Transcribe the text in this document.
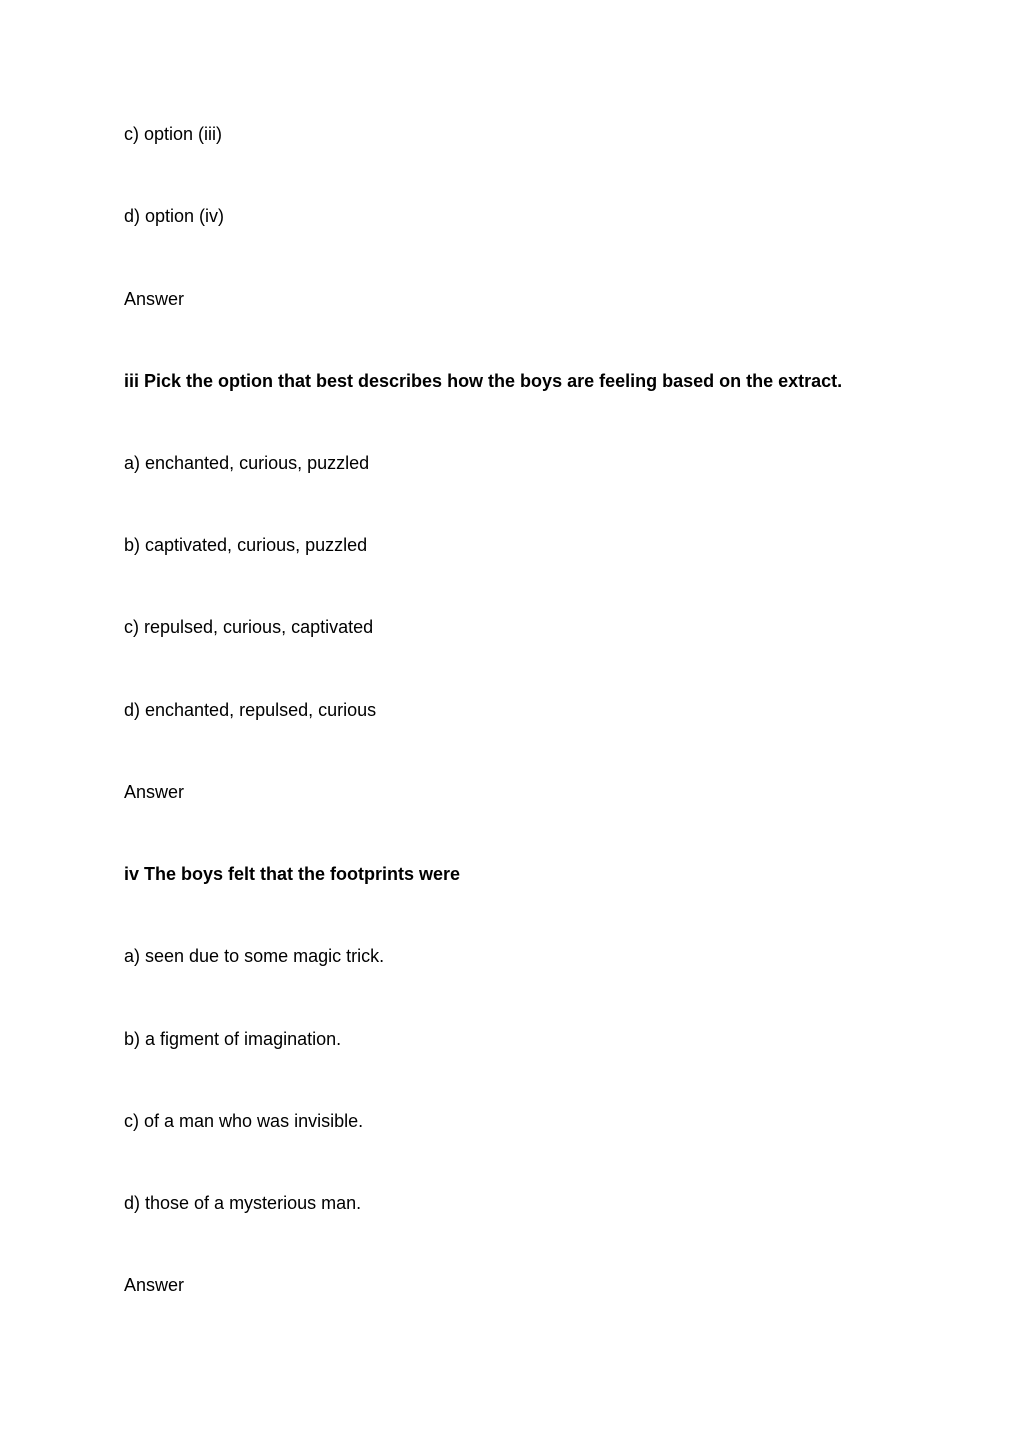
c) option (iii)

d) option (iv)

Answer

iii Pick the option that best describes how the boys are feeling based on the extract.

a) enchanted, curious, puzzled

b) captivated, curious, puzzled

c) repulsed, curious, captivated

d) enchanted, repulsed, curious

Answer

iv The boys felt that the footprints were

a) seen due to some magic trick.

b) a figment of imagination.

c) of a man who was invisible.

d) those of a mysterious man.

Answer
